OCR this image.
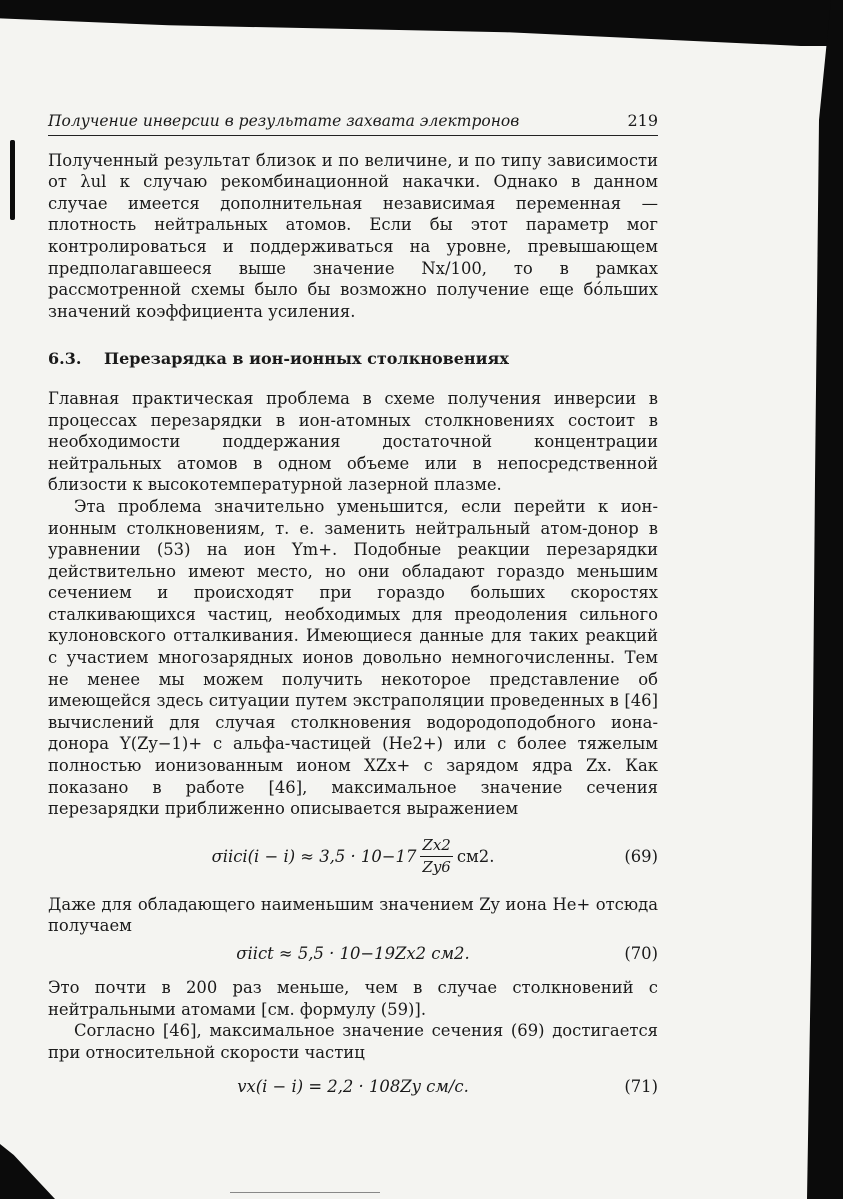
Получение инверсии в результате захвата электронов	219

Полученный результат близок и по величине, и по типу зависимости от λul к случаю рекомбинационной накачки. Однако в данном случае имеется дополнительная независимая переменная — плотность нейтральных атомов. Если бы этот параметр мог контролироваться и поддерживаться на уровне, превышающем предполагавшееся выше значение Nx/100, то в рамках рассмотренной схемы было бы возможно получение еще бóльших значений коэффициента усиления.

6.3. Перезарядка в ион-ионных столкновениях

Главная практическая проблема в схеме получения инверсии в процессах перезарядки в ион-атомных столкновениях состоит в необходимости поддержания достаточной концентрации нейтральных атомов в одном объеме или в непосредственной близости к высокотемпературной лазерной плазме.

Эта проблема значительно уменьшится, если перейти к ион-ионным столкновениям, т. е. заменить нейтральный атом-донор в уравнении (53) на ион Ym+. Подобные реакции перезарядки действительно имеют место, но они обладают гораздо меньшим сечением и происходят при гораздо больших скоростях сталкивающихся частиц, необходимых для преодоления сильного кулоновского отталкивания. Имеющиеся данные для таких реакций с участием многозарядных ионов довольно немногочисленны. Тем не менее мы можем получить некоторое представление об имеющейся здесь ситуации путем экстраполяции проведенных в [46] вычислений для случая столкновения водородоподобного иона-донора Y(Zy−1)+ с альфа-частицей (He2+) или с более тяжелым полностью ионизованным ионом XZx+ с зарядом ядра Zx. Как показано в работе [46], максимальное значение сечения перезарядки приближенно описывается выражением

σiici(i − $i) \approx 3,5 \cdot 10-17 \frac{Zx2}{Zy6} см2$.	(69)

Даже для обладающего наименьшим значением Zy иона He+ отсюда получаем

σiict ≈ 5,5 · 10−19Zx2 см2.	(70)

Это почти в 200 раз меньше, чем в случае столкновений с нейтральными атомами [см. формулу (59)].

Согласно [46], максимальное значение сечения (69) достигается при относительной скорости частиц

vx(i − i) = 2,2 · 108Zy см/с.	(71)
